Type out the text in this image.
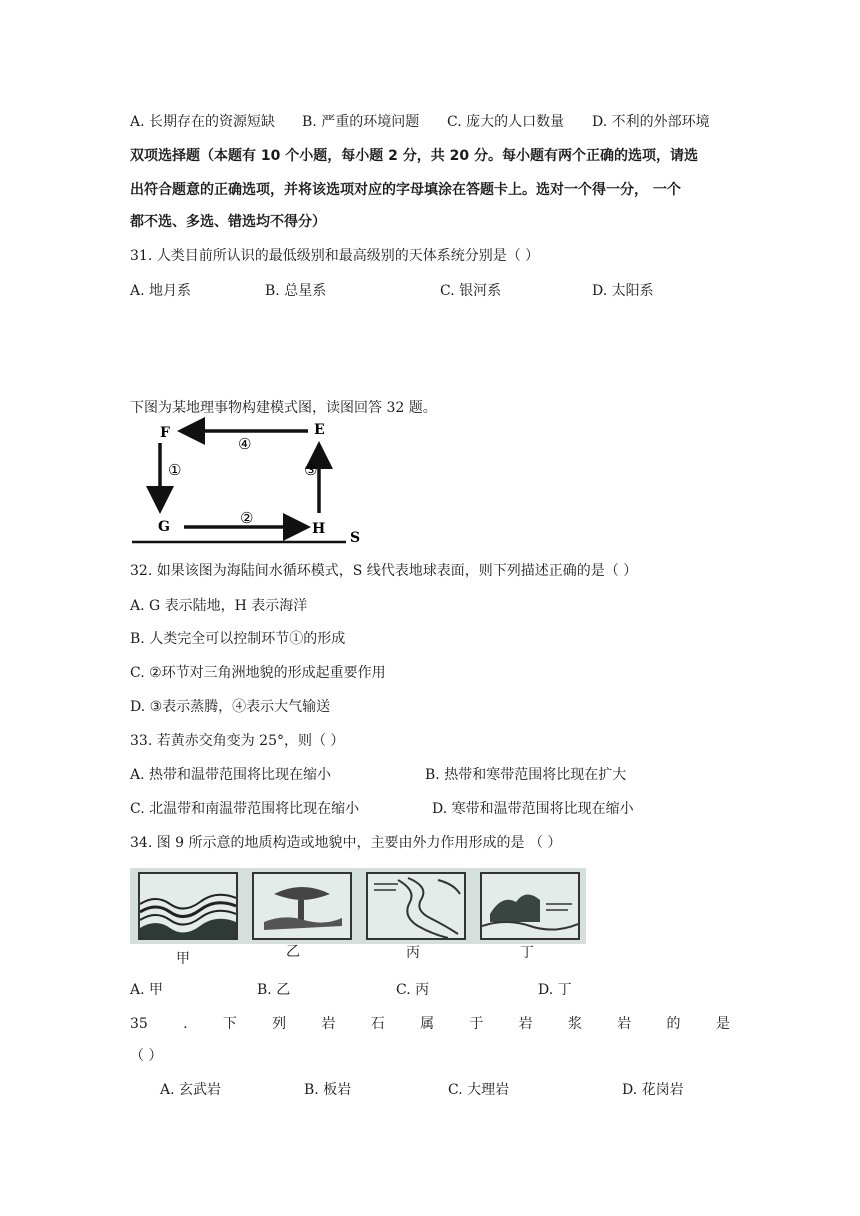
A. 长期存在的资源短缺 B. 严重的环境问题 C. 庞大的人口数量 D. 不利的外部环境
双项选择题（本题有 10 个小题，每小题 2 分，共 20 分。每小题有两个正确的选项，请选
出符合题意的正确选项，并将该选项对应的字母填涂在答题卡上。选对一个得一分， 一个
都不选、多选、错选均不得分）
31. 人类目前所认识的最低级别和最高级别的天体系统分别是（ ）
A. 地月系	B. 总星系	C. 银河系	D. 太阳系
下图为某地理事物构建模式图，读图回答 32 题。
F	E
G	H
S
④
①
②
③
32. 如果该图为海陆间水循环模式，S 线代表地球表面，则下列描述正确的是（ ）
A. G 表示陆地，H 表示海洋
B. 人类完全可以控制环节①的形成
C. ②环节对三角洲地貌的形成起重要作用
D. ③表示蒸腾，④表示大气输送
33. 若黄赤交角变为 25°，则（ ）
A. 热带和温带范围将比现在缩小	B. 热带和寒带范围将比现在扩大
C. 北温带和南温带范围将比现在缩小	D. 寒带和温带范围将比现在缩小
34. 图 9 所示意的地质构造或地貌中，主要由外力作用形成的是 （ ）
甲	乙	丙	丁
A. 甲	B. 乙	C. 丙	D. 丁
35	.	下	列	岩	石	属	于	岩	浆	岩	的	是
（ ）
A. 玄武岩	B. 板岩	C. 大理岩	D. 花岗岩
